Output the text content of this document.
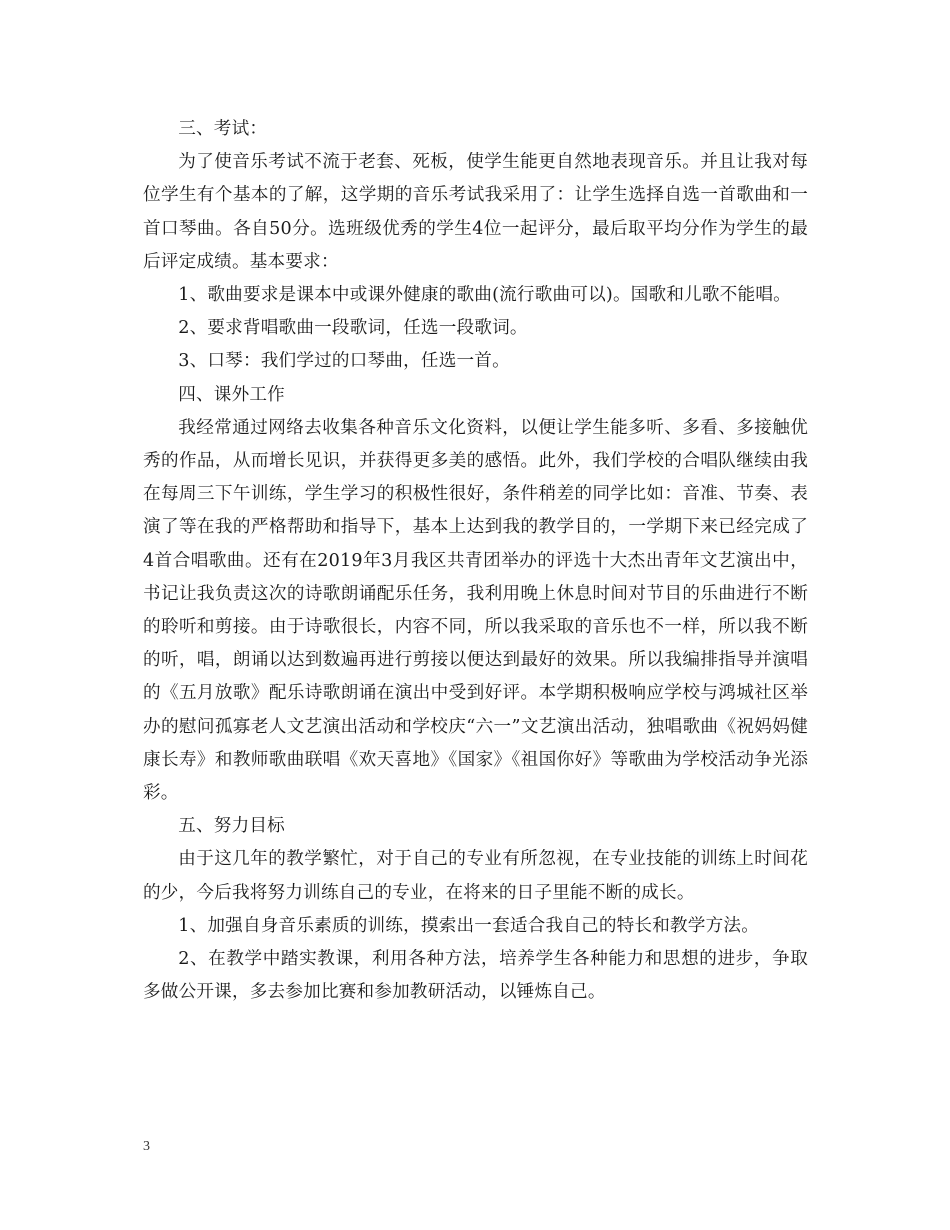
三、考试：

为了使音乐考试不流于老套、死板，使学生能更自然地表现音乐。并且让我对每位学生有个基本的了解，这学期的音乐考试我采用了：让学生选择自选一首歌曲和一首口琴曲。各自50分。选班级优秀的学生4位一起评分，最后取平均分作为学生的最后评定成绩。基本要求：

1、歌曲要求是课本中或课外健康的歌曲(流行歌曲可以)。国歌和儿歌不能唱。

2、要求背唱歌曲一段歌词，任选一段歌词。

3、口琴：我们学过的口琴曲，任选一首。

四、课外工作

我经常通过网络去收集各种音乐文化资料，以便让学生能多听、多看、多接触优秀的作品，从而增长见识，并获得更多美的感悟。此外，我们学校的合唱队继续由我在每周三下午训练，学生学习的积极性很好，条件稍差的同学比如：音准、节奏、表演了等在我的严格帮助和指导下，基本上达到我的教学目的，一学期下来已经完成了4首合唱歌曲。还有在2019年3月我区共青团举办的评选十大杰出青年文艺演出中，书记让我负责这次的诗歌朗诵配乐任务，我利用晚上休息时间对节目的乐曲进行不断的聆听和剪接。由于诗歌很长，内容不同，所以我采取的音乐也不一样，所以我不断的听，唱，朗诵以达到数遍再进行剪接以便达到最好的效果。所以我编排指导并演唱的《五月放歌》配乐诗歌朗诵在演出中受到好评。本学期积极响应学校与鸿城社区举办的慰问孤寡老人文艺演出活动和学校庆“六一”文艺演出活动，独唱歌曲《祝妈妈健康长寿》和教师歌曲联唱《欢天喜地》《国家》《祖国你好》等歌曲为学校活动争光添彩。

五、努力目标

由于这几年的教学繁忙，对于自己的专业有所忽视，在专业技能的训练上时间花的少，今后我将努力训练自己的专业，在将来的日子里能不断的成长。

1、加强自身音乐素质的训练，摸索出一套适合我自己的特长和教学方法。

2、在教学中踏实教课，利用各种方法，培养学生各种能力和思想的进步，争取多做公开课，多去参加比赛和参加教研活动，以锤炼自己。

3
